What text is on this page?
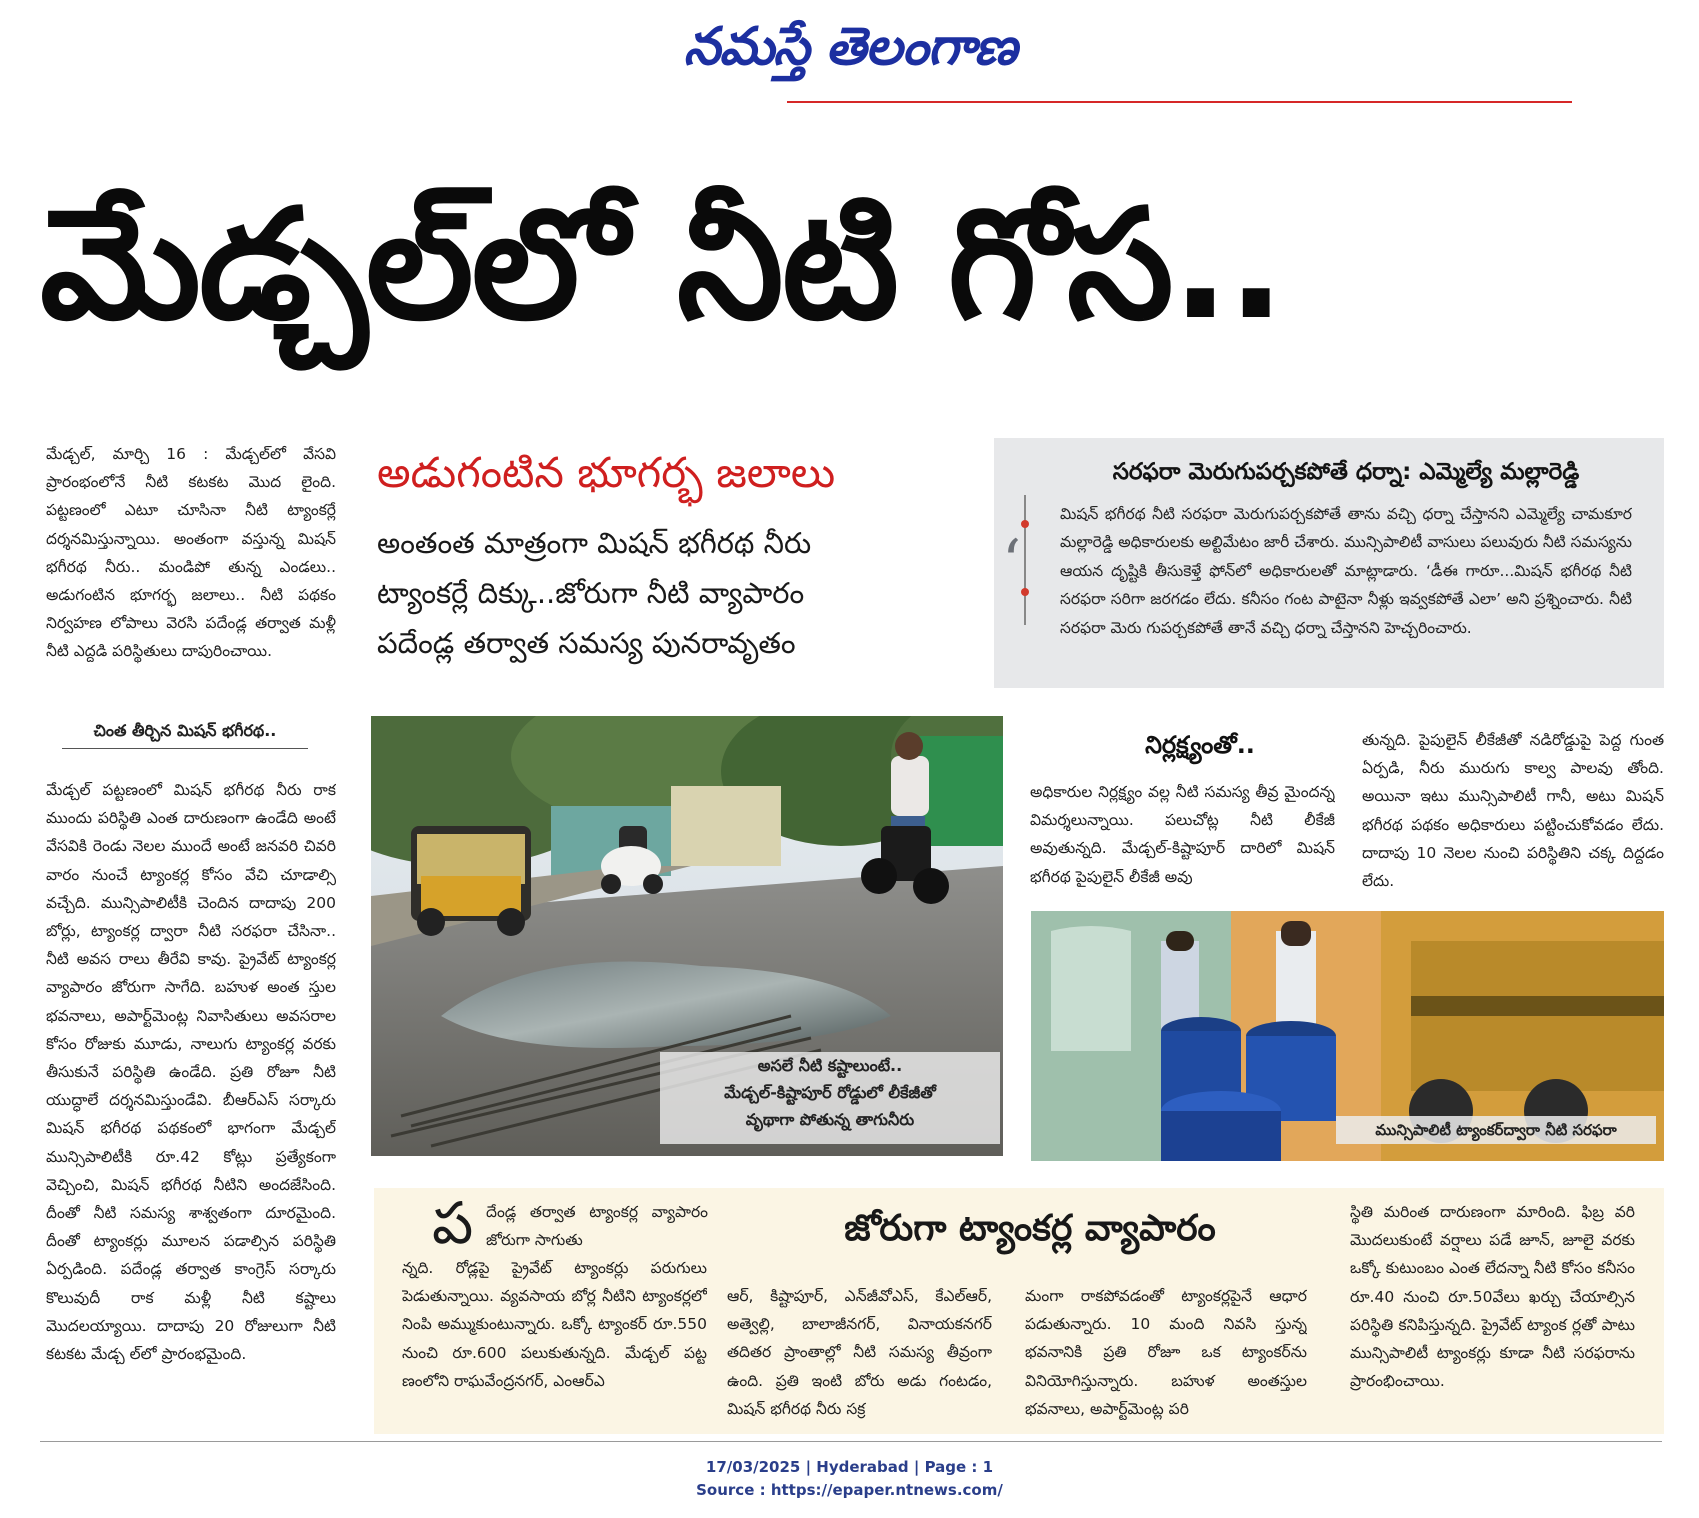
నమస్తే తెలంగాణ
మేడ్చల్‌లో నీటి గోస..
మేడ్చల్, మార్చి 16 : మేడ్చల్‌లో వేసవి ప్రారంభంలోనే నీటి కటకట మొద లైంది. పట్టణంలో ఎటూ చూసినా నీటి ట్యాంకర్లే దర్శనమిస్తున్నాయి. అంతంగా వస్తున్న మిషన్ భగీరథ నీరు.. మండిపో తున్న ఎండలు.. అడుగంటిన భూగర్భ జలాలు.. నీటి పథకం నిర్వహణ లోపాలు వెరసి పదేండ్ల తర్వాత మళ్లీ నీటి ఎద్దడి పరిస్థితులు దాపురించాయి.
చింత తీర్చిన మిషన్ భగీరథ..
మేడ్చల్ పట్టణంలో మిషన్ భగీరథ నీరు రాక ముందు పరిస్థితి ఎంత దారుణంగా ఉండేది అంటే వేసవికి రెండు నెలల ముందే అంటే జనవరి చివరి వారం నుంచే ట్యాంకర్ల కోసం వేచి చూడాల్సి వచ్చేది. మున్సిపాలిటీకి చెందిన దాదాపు 200 బోర్లు, ట్యాంకర్ల ద్వారా నీటి సరఫరా చేసినా.. నీటి అవస రాలు తీరేవి కావు. ప్రైవేట్ ట్యాంకర్ల వ్యాపారం జోరుగా సాగేది. బహుళ అంత స్తుల భవనాలు, అపార్ట్‌మెంట్ల నివాసితులు అవసరాల కోసం రోజుకు మూడు, నాలుగు ట్యాంకర్ల వరకు తీసుకునే పరిస్థితి ఉండేది. ప్రతి రోజూ నీటి యుద్ధాలే దర్శనమిస్తుండేవి. బీఆర్‌ఎస్ సర్కారు మిషన్ భగీరథ పథకంలో భాగంగా మేడ్చల్ మున్సిపాలిటీకి రూ.42 కోట్లు ప్రత్యేకంగా వెచ్చించి, మిషన్ భగీరథ నీటిని అందజేసింది. దీంతో నీటి సమస్య శాశ్వతంగా దూరమైంది. దీంతో ట్యాంకర్లు మూలన పడాల్సిన పరిస్థితి ఏర్పడింది. పదేండ్ల తర్వాత కాంగ్రెస్ సర్కారు కొలువుదీ రాక మళ్లీ నీటి కష్టాలు మొదలయ్యాయి. దాదాపు 20 రోజులుగా నీటి కటకట మేడ్చ ల్‌లో ప్రారంభమైంది.
అడుగంటిన భూగర్భ జలాలు
అంతంత మాత్రంగా మిషన్ భగీరథ నీరు
ట్యాంకర్లే దిక్కు..జోరుగా నీటి వ్యాపారం
పదేండ్ల తర్వాత సమస్య పునరావృతం
‘
సరఫరా మెరుగుపర్చకపోతే ధర్నా: ఎమ్మెల్యే మల్లారెడ్డి
మిషన్ భగీరథ నీటి సరఫరా మెరుగుపర్చకపోతే తాను వచ్చి ధర్నా చేస్తానని ఎమ్మెల్యే చామకూర మల్లారెడ్డి అధికారులకు అల్టిమేటం జారీ చేశారు. మున్సిపాలిటీ వాసులు పలువురు నీటి సమస్యను ఆయన దృష్టికి తీసుకెళ్తే ఫోన్‌లో అధికారులతో మాట్లాడారు. ‘డీఈ గారూ...మిషన్ భగీరథ నీటి సరఫరా సరిగా జరగడం లేదు. కనీసం గంట పాటైనా నీళ్లు ఇవ్వకపోతే ఎలా’ అని ప్రశ్నించారు. నీటి సరఫరా మెరు గుపర్చకపోతే తానే వచ్చి ధర్నా చేస్తానని హెచ్చరించారు.
అసలే నీటి కష్టాలుంటే..
మేడ్చల్-కిష్టాపూర్ రోడ్డులో లీకేజీతో
వృథాగా పోతున్న తాగునీరు
నిర్లక్ష్యంతో..
అధికారుల నిర్లక్ష్యం వల్ల నీటి సమస్య తీవ్ర మైందన్న విమర్శలున్నాయి. పలుచోట్ల నీటి లీకేజీ అవుతున్నది. మేడ్చల్-కిష్టాపూర్ దారిలో మిషన్ భగీరథ పైపులైన్ లీకేజీ అవు
తున్నది. పైపులైన్ లీకేజీతో నడిరోడ్డుపై పెద్ద గుంత ఏర్పడి, నీరు మురుగు కాల్వ పాలవు తోంది. అయినా ఇటు మున్సిపాలిటీ గానీ, అటు మిషన్ భగీరథ పథకం అధికారులు పట్టించుకోవడం లేదు. దాదాపు 10 నెలల నుంచి పరిస్థితిని చక్క దిద్దడం లేదు.
మున్సిపాలిటీ ట్యాంకర్‌ద్వారా నీటి సరఫరా
ప	జోరుగా ట్యాంకర్ల వ్యాపారం
దేండ్ల తర్వాత ట్యాంకర్ల వ్యాపారం జోరుగా సాగుతు
న్నది. రోడ్లపై ప్రైవేట్ ట్యాంకర్లు పరుగులు పెడుతున్నాయి. వ్యవసాయ బోర్ల నీటిని ట్యాంకర్లలో నింపి అమ్ముకుంటున్నారు. ఒక్కో ట్యాంకర్ రూ.550 నుంచి రూ.600 పలుకుతున్నది. మేడ్చల్ పట్ట ణంలోని రాఘవేంద్రనగర్, ఎంఆర్‌ఎ
ఆర్, కిష్టాపూర్, ఎన్‌జీవోఎస్, కేఎల్‌ఆర్, అత్వెల్లి, బాలాజీనగర్, వినాయకనగర్ తదితర ప్రాంతాల్లో నీటి సమస్య తీవ్రంగా ఉంది. ప్రతి ఇంటి బోరు అడు గంటడం, మిషన్ భగీరథ నీరు సక్ర
మంగా రాకపోవడంతో ట్యాంకర్లపైనే ఆధార పడుతున్నారు. 10 మంది నివసి స్తున్న భవనానికి ప్రతి రోజూ ఒక ట్యాంకర్‌ను వినియోగిస్తున్నారు. బహుళ అంతస్తుల భవనాలు, అపార్ట్‌మెంట్ల పరి
స్థితి మరింత దారుణంగా మారింది. ఫిబ్ర వరి మొదలుకుంటే వర్షాలు పడే జూన్, జూలై వరకు ఒక్కో కుటుంబం ఎంత లేదన్నా నీటి కోసం కనీసం రూ.40 నుంచి రూ.50వేలు ఖర్చు చేయాల్సిన పరిస్థితి కనిపిస్తున్నది. ప్రైవేట్ ట్యాంక ర్లతో పాటు మున్సిపాలిటీ ట్యాంకర్లు కూడా నీటి సరఫరాను ప్రారంభించాయి.
17/03/2025 | Hyderabad | Page : 1
Source : https://epaper.ntnews.com/
